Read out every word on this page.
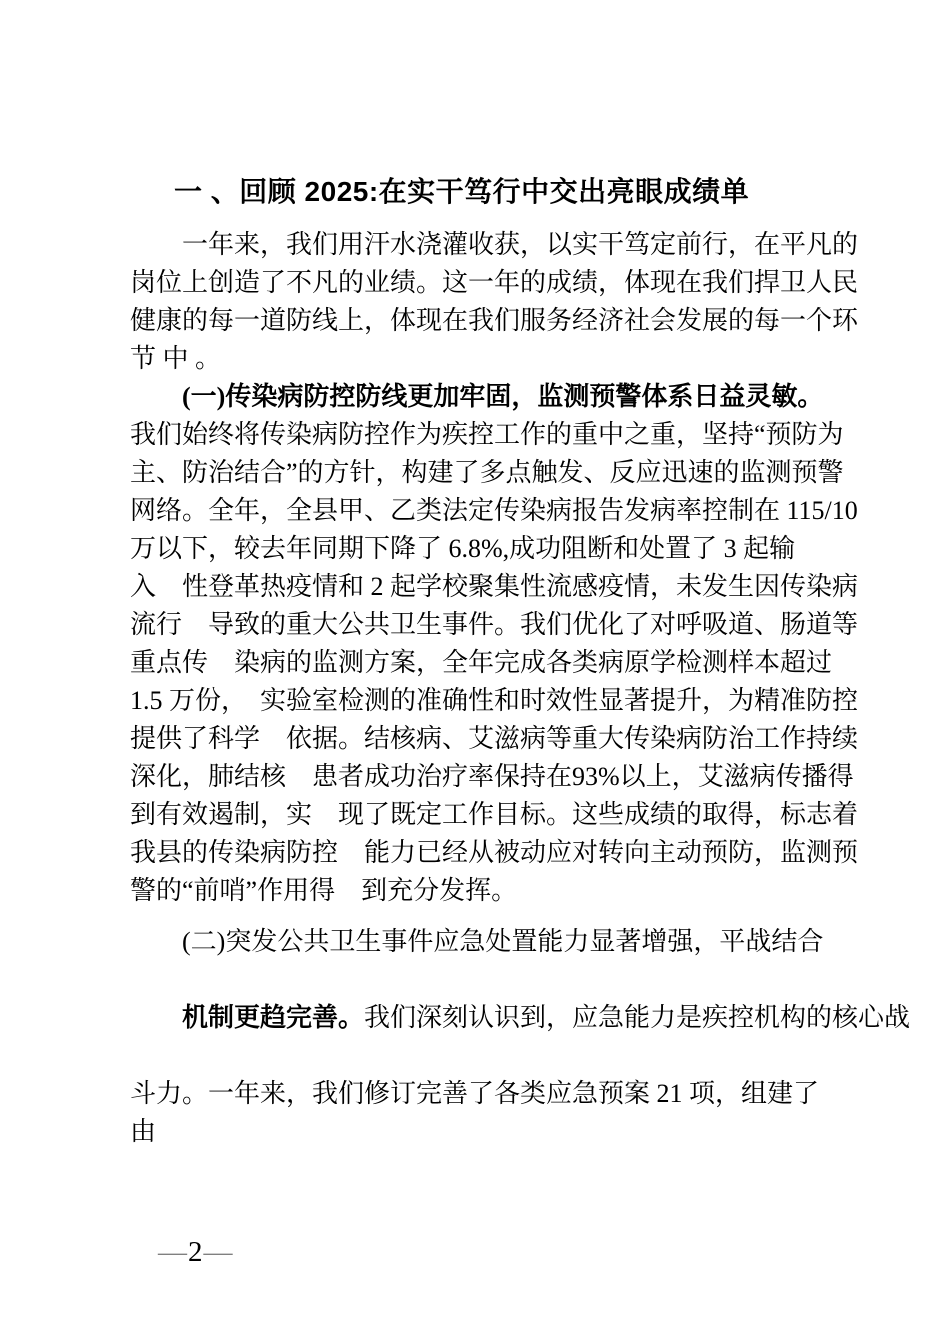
一 、回顾 2025:在实干笃行中交出亮眼成绩单
一年来，我们用汗水浇灌收获，以实干笃定前行，在平凡的
岗位上创造了不凡的业绩。这一年的成绩，体现在我们捍卫人民
健康的每一道防线上，体现在我们服务经济社会发展的每一个环
节 中 。
(一)传染病防控防线更加牢固，监测预警体系日益灵敏。
我们始终将传染病防控作为疾控工作的重中之重，坚持“预防为
主、防治结合”的方针，构建了多点触发、反应迅速的监测预警
网络。全年，全县甲、乙类法定传染病报告发病率控制在 115/10
万以下，较去年同期下降了 6.8%,成功阻断和处置了 3 起输
入　性登革热疫情和 2 起学校聚集性流感疫情，未发生因传染病
流行　导致的重大公共卫生事件。我们优化了对呼吸道、肠道等
重点传　染病的监测方案，全年完成各类病原学检测样本超过
1.5 万份，　实验室检测的准确性和时效性显著提升，为精准防控
提供了科学　依据。结核病、艾滋病等重大传染病防治工作持续
深化，肺结核　患者成功治疗率保持在93%以上，艾滋病传播得
到有效遏制，实　现了既定工作目标。这些成绩的取得，标志着
我县的传染病防控　能力已经从被动应对转向主动预防，监测预
警的“前哨”作用得　到充分发挥。
(二)突发公共卫生事件应急处置能力显著增强，平战结合

机制更趋完善。我们深刻认识到，应急能力是疾控机构的核心战

斗力。一年来，我们修订完善了各类应急预案 21 项，组建了
由
—2—
